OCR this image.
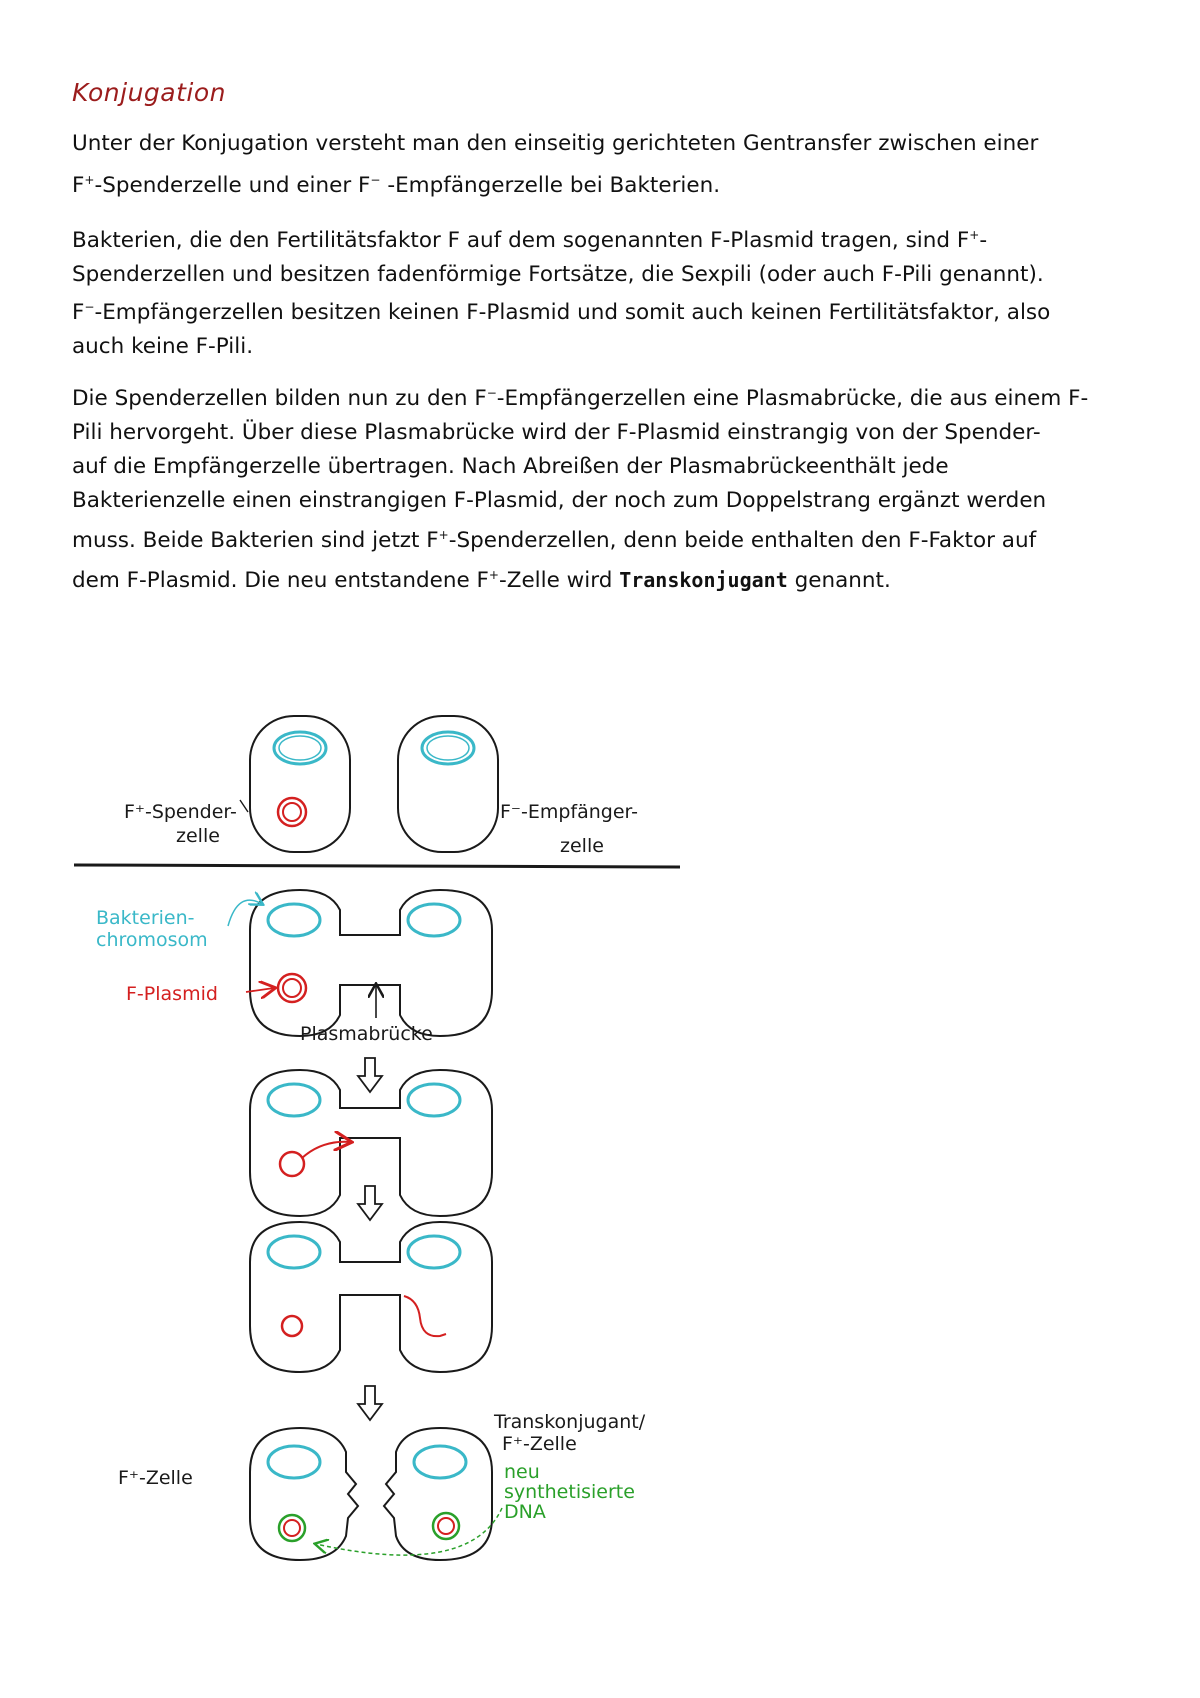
Konjugation
Unter der Konjugation versteht man den einseitig gerichteten Gentransfer zwischen einer
F+-Spenderzelle und einer F− -Empfängerzelle bei Bakterien.
Bakterien, die den Fertilitätsfaktor F auf dem sogenannten F-Plasmid tragen, sind F+-
Spenderzellen und besitzen fadenförmige Fortsätze, die Sexpili (oder auch F-Pili genannt).
F−-Empfängerzellen besitzen keinen F-Plasmid und somit auch keinen Fertilitätsfaktor, also
auch keine F-Pili.
Die Spenderzellen bilden nun zu den F−-Empfängerzellen eine Plasmabrücke, die aus einem F-
Pili hervorgeht. Über diese Plasmabrücke wird der F-Plasmid einstrangig von der Spender-
auf die Empfängerzelle übertragen. Nach Abreißen der Plasmabrückeenthält jede
Bakterienzelle einen einstrangigen F-Plasmid, der noch zum Doppelstrang ergänzt werden
muss. Beide Bakterien sind jetzt F+-Spenderzellen, denn beide enthalten den F-Faktor auf
dem F-Plasmid. Die neu entstandene F+-Zelle wird Transkonjugant genannt.
F⁺-Spender-
zelle
F⁻-Empfänger-
zelle
Bakterien-
chromosom
F-Plasmid
Plasmabrücke
F⁺-Zelle
Transkonjugant/
F⁺-Zelle
neu
synthetisierte
DNA
